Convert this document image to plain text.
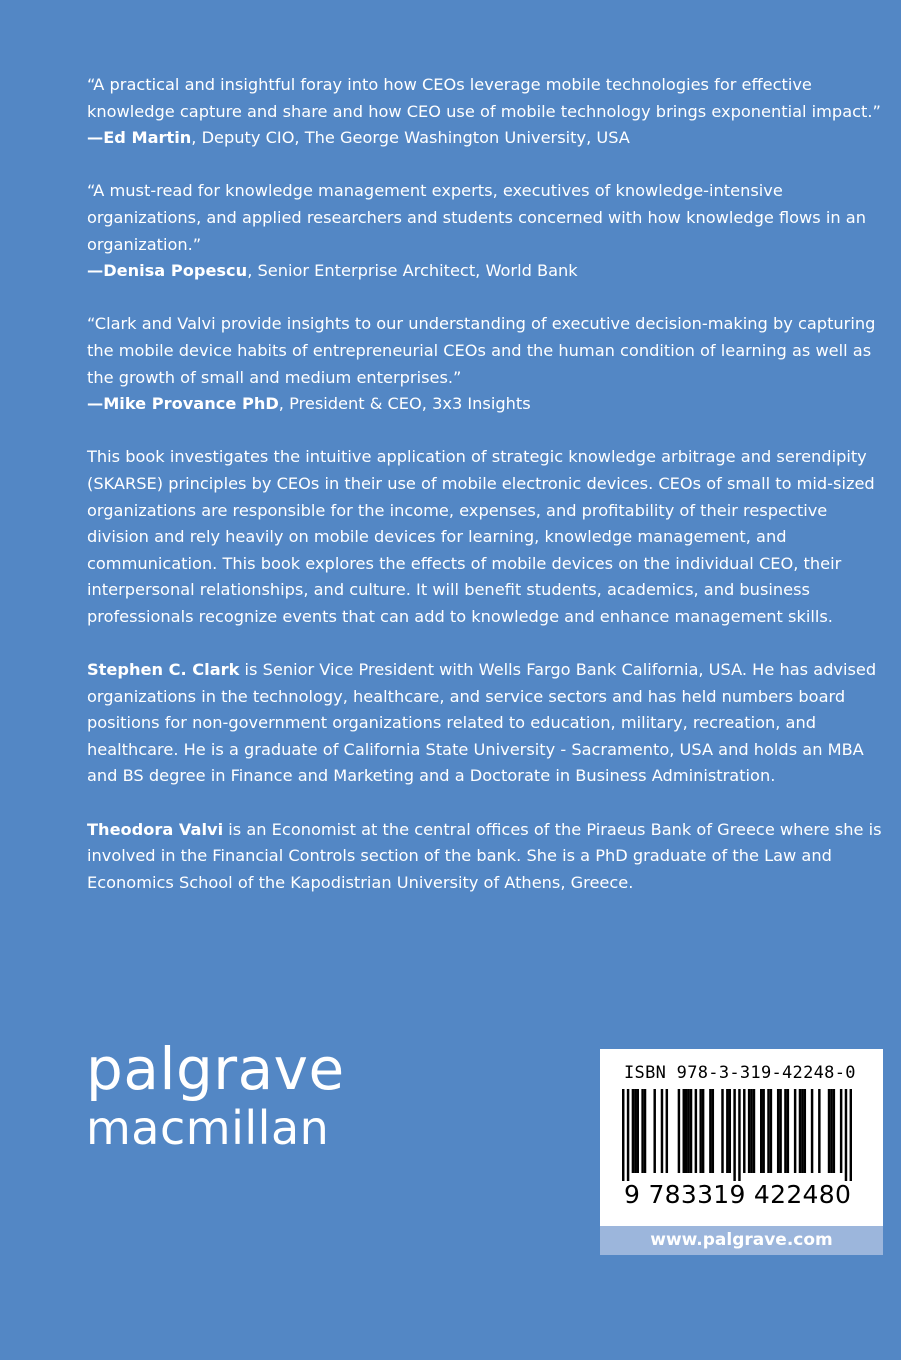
“A practical and insightful foray into how CEOs leverage mobile technologies for effective knowledge capture and share and how CEO use of mobile technology brings exponential impact.”
—Ed Martin, Deputy CIO, The George Washington University, USA
“A must-read for knowledge management experts, executives of knowledge-intensive organizations, and applied researchers and students concerned with how knowledge flows in an organization.”
—Denisa Popescu, Senior Enterprise Architect, World Bank
“Clark and Valvi provide insights to our understanding of executive decision-making by capturing the mobile device habits of entrepreneurial CEOs and the human condition of learning as well as the growth of small and medium enterprises.”
—Mike Provance PhD, President & CEO, 3x3 Insights

This book investigates the intuitive application of strategic knowledge arbitrage and serendipity (SKARSE) principles by CEOs in their use of mobile electronic devices. CEOs of small to mid-sized organizations are responsible for the income, expenses, and profitability of their respective division and rely heavily on mobile devices for learning, knowledge management, and communication. This book explores the effects of mobile devices on the individual CEO, their interpersonal relationships, and culture. It will benefit students, academics, and business professionals recognize events that can add to knowledge and enhance management skills.

Stephen C. Clark is Senior Vice President with Wells Fargo Bank California, USA. He has advised organizations in the technology, healthcare, and service sectors and has held numbers board positions for non-government organizations related to education, military, recreation, and healthcare. He is a graduate of California State University - Sacramento, USA and holds an MBA and BS degree in Finance and Marketing and a Doctorate in Business Administration.

Theodora Valvi is an Economist at the central offices of the Piraeus Bank of Greece where she is involved in the Financial Controls section of the bank. She is a PhD graduate of the Law and Economics School of the Kapodistrian University of Athens, Greece.

palgrave
macmillan
ISBN 978-3-319-42248-0
9 783319 422480
www.palgrave.com
